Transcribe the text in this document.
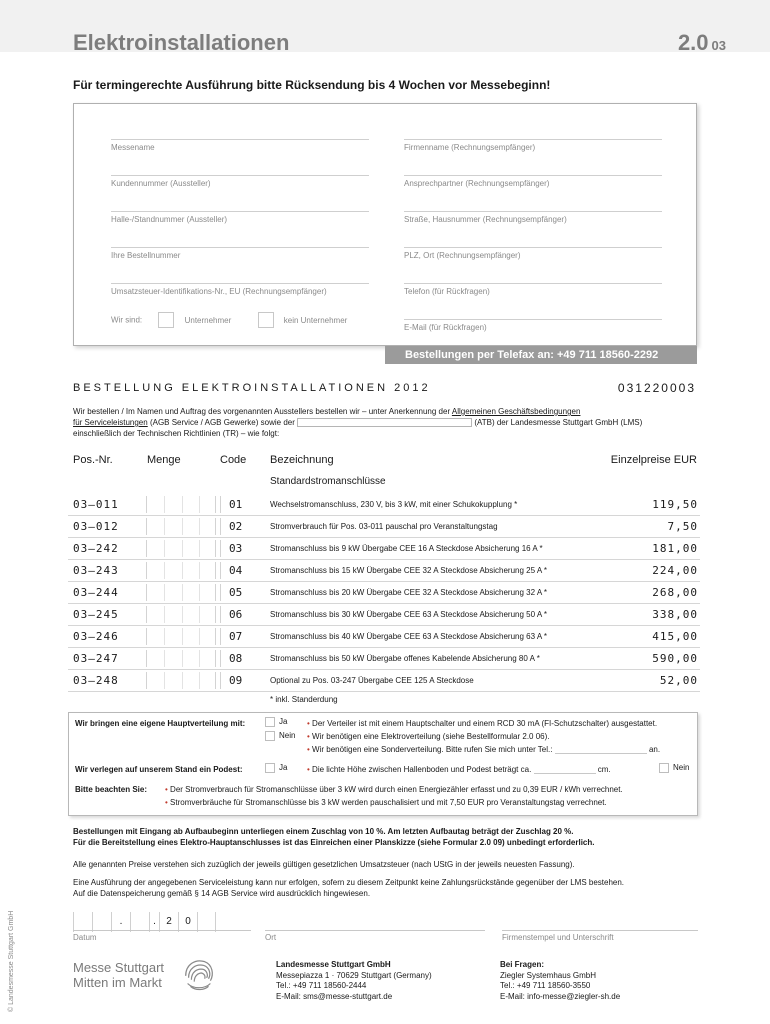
Elektroinstallationen	2.0 03
Für termingerechte Ausführung bitte Rücksendung bis 4 Wochen vor Messebeginn!
Messename
Kundennummer (Aussteller)
Halle-/Standnummer (Aussteller)
Ihre Bestellnummer
Umsatzsteuer-Identifikations-Nr., EU (Rechnungsempfänger)
Firmenname (Rechnungsempfänger)
Ansprechpartner (Rechnungsempfänger)
Straße, Hausnummer (Rechnungsempfänger)
PLZ, Ort (Rechnungsempfänger)
Telefon (für Rückfragen)
E-Mail (für Rückfragen)
Wir sind:	Unternehmer	kein Unternehmer
Bestellungen per Telefax an: +49 711 18560-2292
BESTELLUNG ELEKTROINSTALLATIONEN 2012	031220003
Wir bestellen / Im Namen und Auftrag des vorgenannten Ausstellers bestellen wir – unter Anerkennung der Allgemeinen Geschäftsbedingungen
für Serviceleistungen (AGB Service / AGB Gewerke) sowie der	(ATB) der Landesmesse Stuttgart GmbH (LMS)
einschließlich der Technischen Richtlinien (TR) – wie folgt:
Pos.-Nr.	Menge	Code Bezeichnung	Einzelpreise EUR
Standardstromanschlüsse
03–011	01	Wechselstromanschluss, 230 V, bis 3 kW, mit einer Schukokupplung *	119,50
03–012	02	Stromverbrauch für Pos. 03-011 pauschal pro Veranstaltungstag	7,50
03–242	03	Stromanschluss bis 9 kW Übergabe CEE 16 A Steckdose Absicherung 16 A *	181,00
03–243	04	Stromanschluss bis 15 kW Übergabe CEE 32 A Steckdose Absicherung 25 A *	224,00
03–244	05	Stromanschluss bis 20 kW Übergabe CEE 32 A Steckdose Absicherung 32 A *	268,00
03–245	06	Stromanschluss bis 30 kW Übergabe CEE 63 A Steckdose Absicherung 50 A *	338,00
03–246	07	Stromanschluss bis 40 kW Übergabe CEE 63 A Steckdose Absicherung 63 A *	415,00
03–247	08	Stromanschluss bis 50 kW Übergabe offenes Kabelende Absicherung 80 A *	590,00
03–248	09	Optional zu Pos. 03-247 Übergabe CEE 125 A Steckdose	52,00
* inkl. Standerdung
Wir bringen eine eigene Hauptverteilung mit:	Ja
Nein
• Der Verteiler ist mit einem Hauptschalter und einem RCD 30 mA (FI-Schutzschalter) ausgestattet.
• Wir benötigen eine Elektroverteilung (siehe Bestellformular 2.0 06).
• Wir benötigen eine Sonderverteilung. Bitte rufen Sie mich unter Tel.:	an.
Wir verlegen auf unserem Stand ein Podest:	Ja • Die lichte Höhe zwischen Hallenboden und Podest beträgt ca.	cm.	Nein
Bitte beachten Sie: • Der Stromverbrauch für Stromanschlüsse über 3 kW wird durch einen Energiezähler erfasst und zu 0,39 EUR / kWh verrechnet.
• Stromverbräuche für Stromanschlüsse bis 3 kW werden pauschalisiert und mit 7,50 EUR pro Veranstaltungstag verrechnet.
Bestellungen mit Eingang ab Aufbaubeginn unterliegen einem Zuschlag von 10 %. Am letzten Aufbautag beträgt der Zuschlag 20 %.
Für die Bereitstellung eines Elektro-Hauptanschlusses ist das Einreichen einer Planskizze (siehe Formular 2.0 09) unbedingt erforderlich.
Alle genannten Preise verstehen sich zuzüglich der jeweils gültigen gesetzlichen Umsatzsteuer (nach UStG in der jeweils neuesten Fassung).
Eine Ausführung der angegebenen Serviceleistung kann nur erfolgen, sofern zu diesem Zeitpunkt keine Zahlungsrückstände gegenüber der LMS bestehen.
Auf die Datenspeicherung gemäß § 14 AGB Service wird ausdrücklich hingewiesen.
.	.	2	0
Datum	Ort	Firmenstempel und Unterschrift
© Landesmesse Stuttgart GmbH	Messe Stuttgart
Mitten im Markt
Landesmesse Stuttgart GmbH
Messepiazza 1 · 70629 Stuttgart (Germany)
Tel.: +49 711 18560-2444
E-Mail: sms@messe-stuttgart.de
Bei Fragen:
Ziegler Systemhaus GmbH
Tel.: +49 711 18560-3550
E-Mail: info-messe@ziegler-sh.de
